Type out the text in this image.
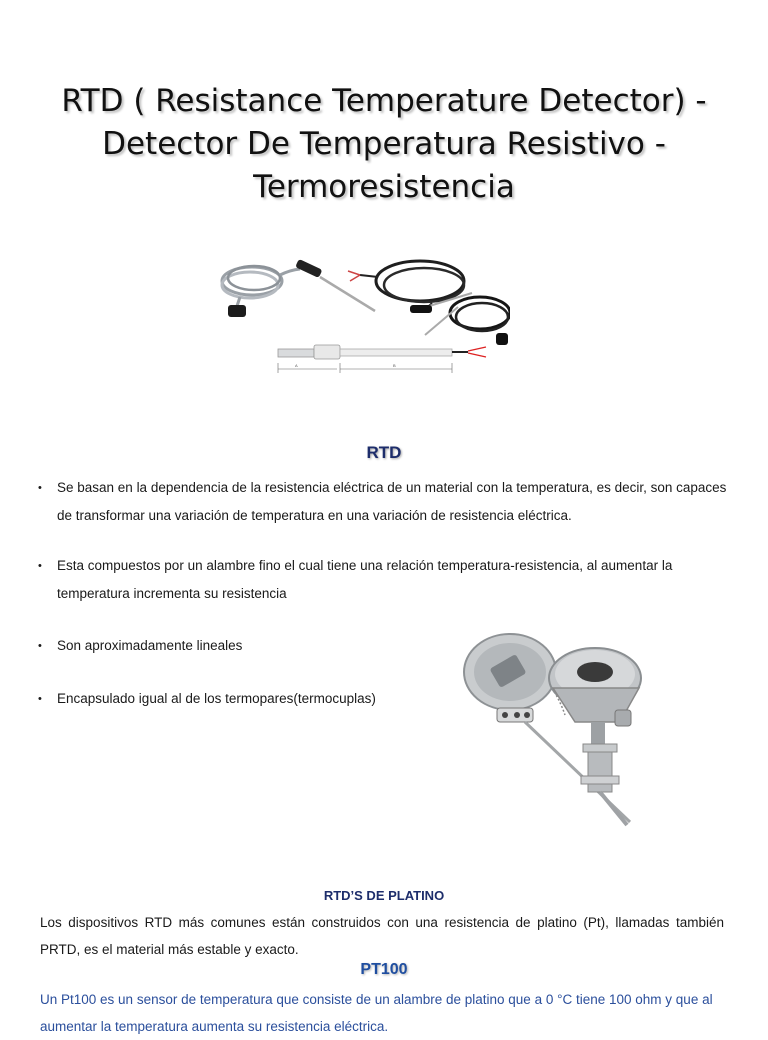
RTD ( Resistance Temperature Detector) - Detector De Temperatura Resistivo - Termoresistencia
A	B
RTD
• Se basan en la dependencia de la resistencia eléctrica de un material con la temperatura, es decir, son capaces de transformar una variación de temperatura en una variación de resistencia eléctrica.
• Esta compuestos por un alambre fino el cual tiene una relación temperatura-resistencia, al aumentar la temperatura incrementa su resistencia
• Son aproximadamente lineales
• Encapsulado igual al de los termopares(termocuplas)
RTD’S DE PLATINO
Los dispositivos RTD más comunes están construidos con una resistencia de platino (Pt), llamadas también PRTD, es el material más estable y exacto.
PT100
Un Pt100 es un sensor de temperatura que consiste de un alambre de platino que a 0 °C tiene 100 ohm y que al aumentar la temperatura aumenta su resistencia eléctrica.
